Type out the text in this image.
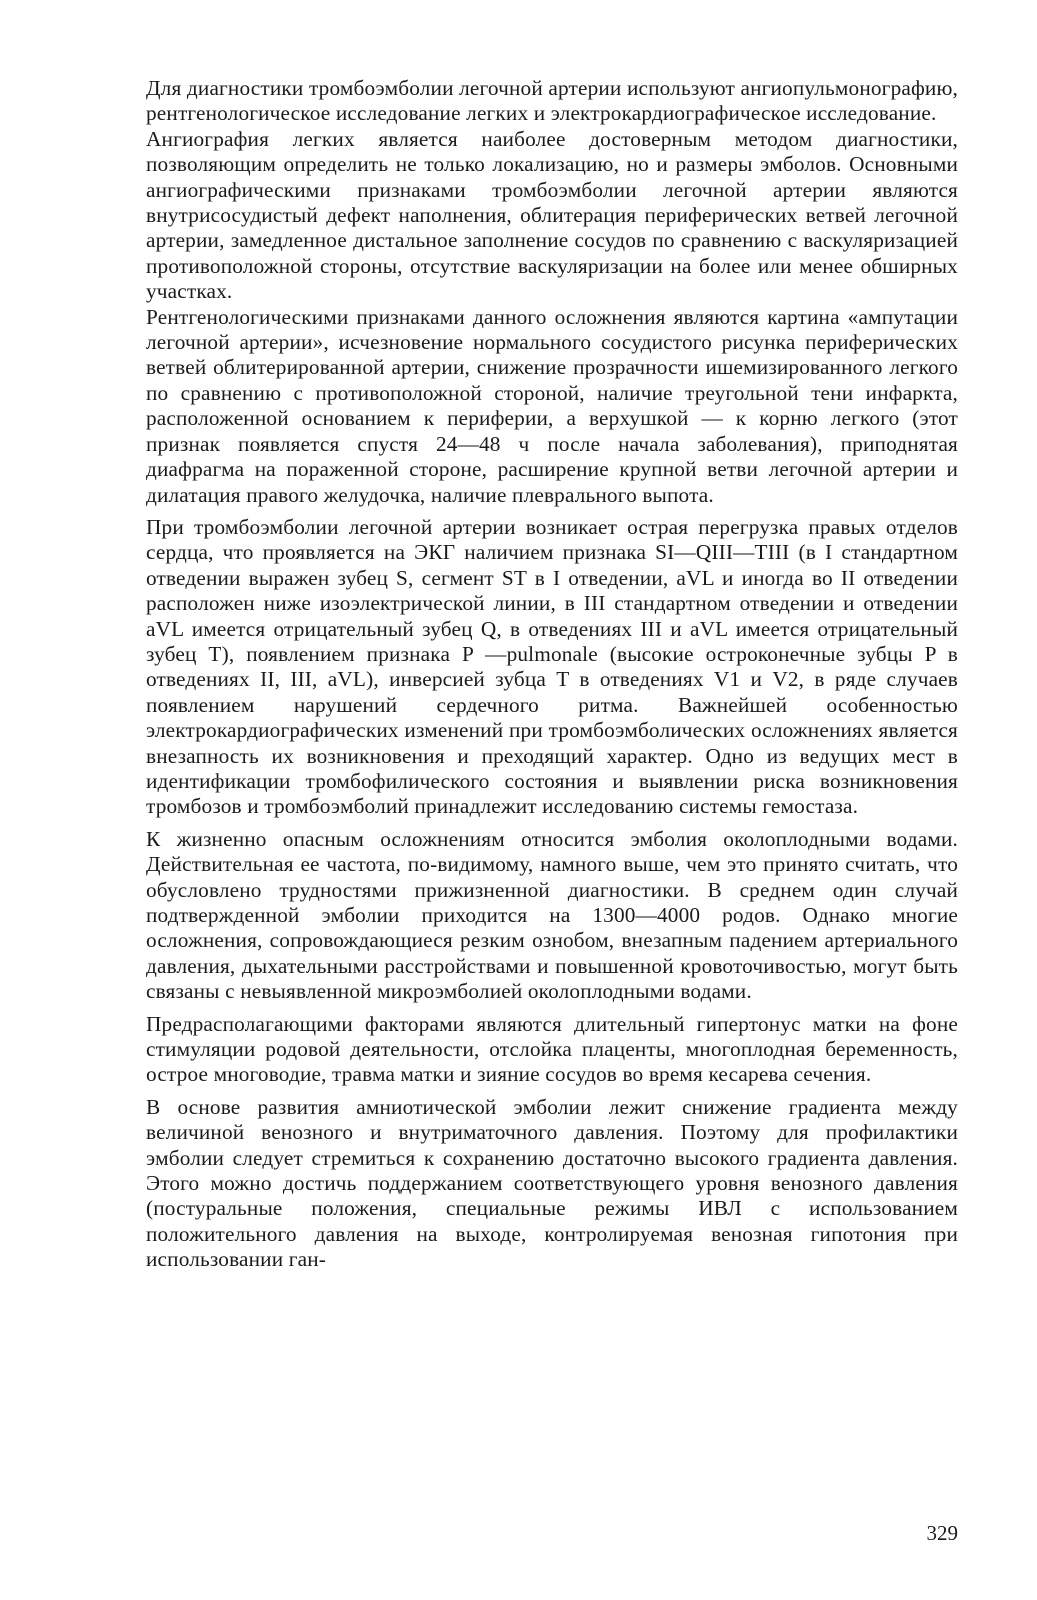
Для диагностики тромбоэмболии легочной артерии используют ангиопульмонографию, рентгенологическое исследование легких и электрокардиографическое исследование.

Ангиография легких является наиболее достоверным методом диагностики, позволяющим определить не только локализацию, но и размеры эмболов. Основными ангиографическими признаками тромбоэмболии легочной артерии являются внутрисосудистый дефект наполнения, облитерация периферических ветвей легочной артерии, замедленное дистальное заполнение сосудов по сравнению с васкуляризацией противоположной стороны, отсутствие васкуляризации на более или менее обширных участках.

Рентгенологическими признаками данного осложнения являются картина «ампутации легочной артерии», исчезновение нормального сосудистого рисунка периферических ветвей облитерированной артерии, снижение прозрачности ишемизированного легкого по сравнению с противоположной стороной, наличие треугольной тени инфаркта, расположенной основанием к периферии, а верхушкой — к корню легкого (этот признак появляется спустя 24—48 ч после начала заболевания), приподнятая диафрагма на пораженной стороне, расширение крупной ветви легочной артерии и дилатация правого желудочка, наличие плеврального выпота.

При тромбоэмболии легочной артерии возникает острая перегрузка правых отделов сердца, что проявляется на ЭКГ наличием признака SI—QIII—TIII (в I стандартном отведении выражен зубец S, сегмент ST в I отведении, aVL и иногда во II отведении расположен ниже изоэлектрической линии, в III стандартном отведении и отведении aVL имеется отрицательный зубец Q, в отведениях III и aVL имеется отрицательный зубец T), появлением признака P —pulmonale (высокие остроконечные зубцы P в отведениях II, III, aVL), инверсией зубца T в отведениях V1 и V2, в ряде случаев появлением нарушений сердечного ритма. Важнейшей особенностью электрокардиографических изменений при тромбоэмболических осложнениях является внезапность их возникновения и преходящий характер. Одно из ведущих мест в идентификации тромбофилического состояния и выявлении риска возникновения тромбозов и тромбоэмболий принадлежит исследованию системы гемостаза.

К жизненно опасным осложнениям относится эмболия околоплодными водами. Действительная ее частота, по-видимому, намного выше, чем это принято считать, что обусловлено трудностями прижизненной диагностики. В среднем один случай подтвержденной эмболии приходится на 1300—4000 родов. Однако многие осложнения, сопровождающиеся резким ознобом, внезапным падением артериального давления, дыхательными расстройствами и повышенной кровоточивостью, могут быть связаны с невыявленной микроэмболией околоплодными водами.

Предрасполагающими факторами являются длительный гипертонус матки на фоне стимуляции родовой деятельности, отслойка плаценты, многоплодная беременность, острое многоводие, травма матки и зияние сосудов во время кесарева сечения.

В основе развития амниотической эмболии лежит снижение градиента между величиной венозного и внутриматочного давления. Поэтому для профилактики эмболии следует стремиться к сохранению достаточно высокого градиента давления. Этого можно достичь поддержанием соответствующего уровня венозного давления (постуральные положения, специальные режимы ИВЛ с использованием положительного давления на выходе, контролируемая венозная гипотония при использовании ган-

329
